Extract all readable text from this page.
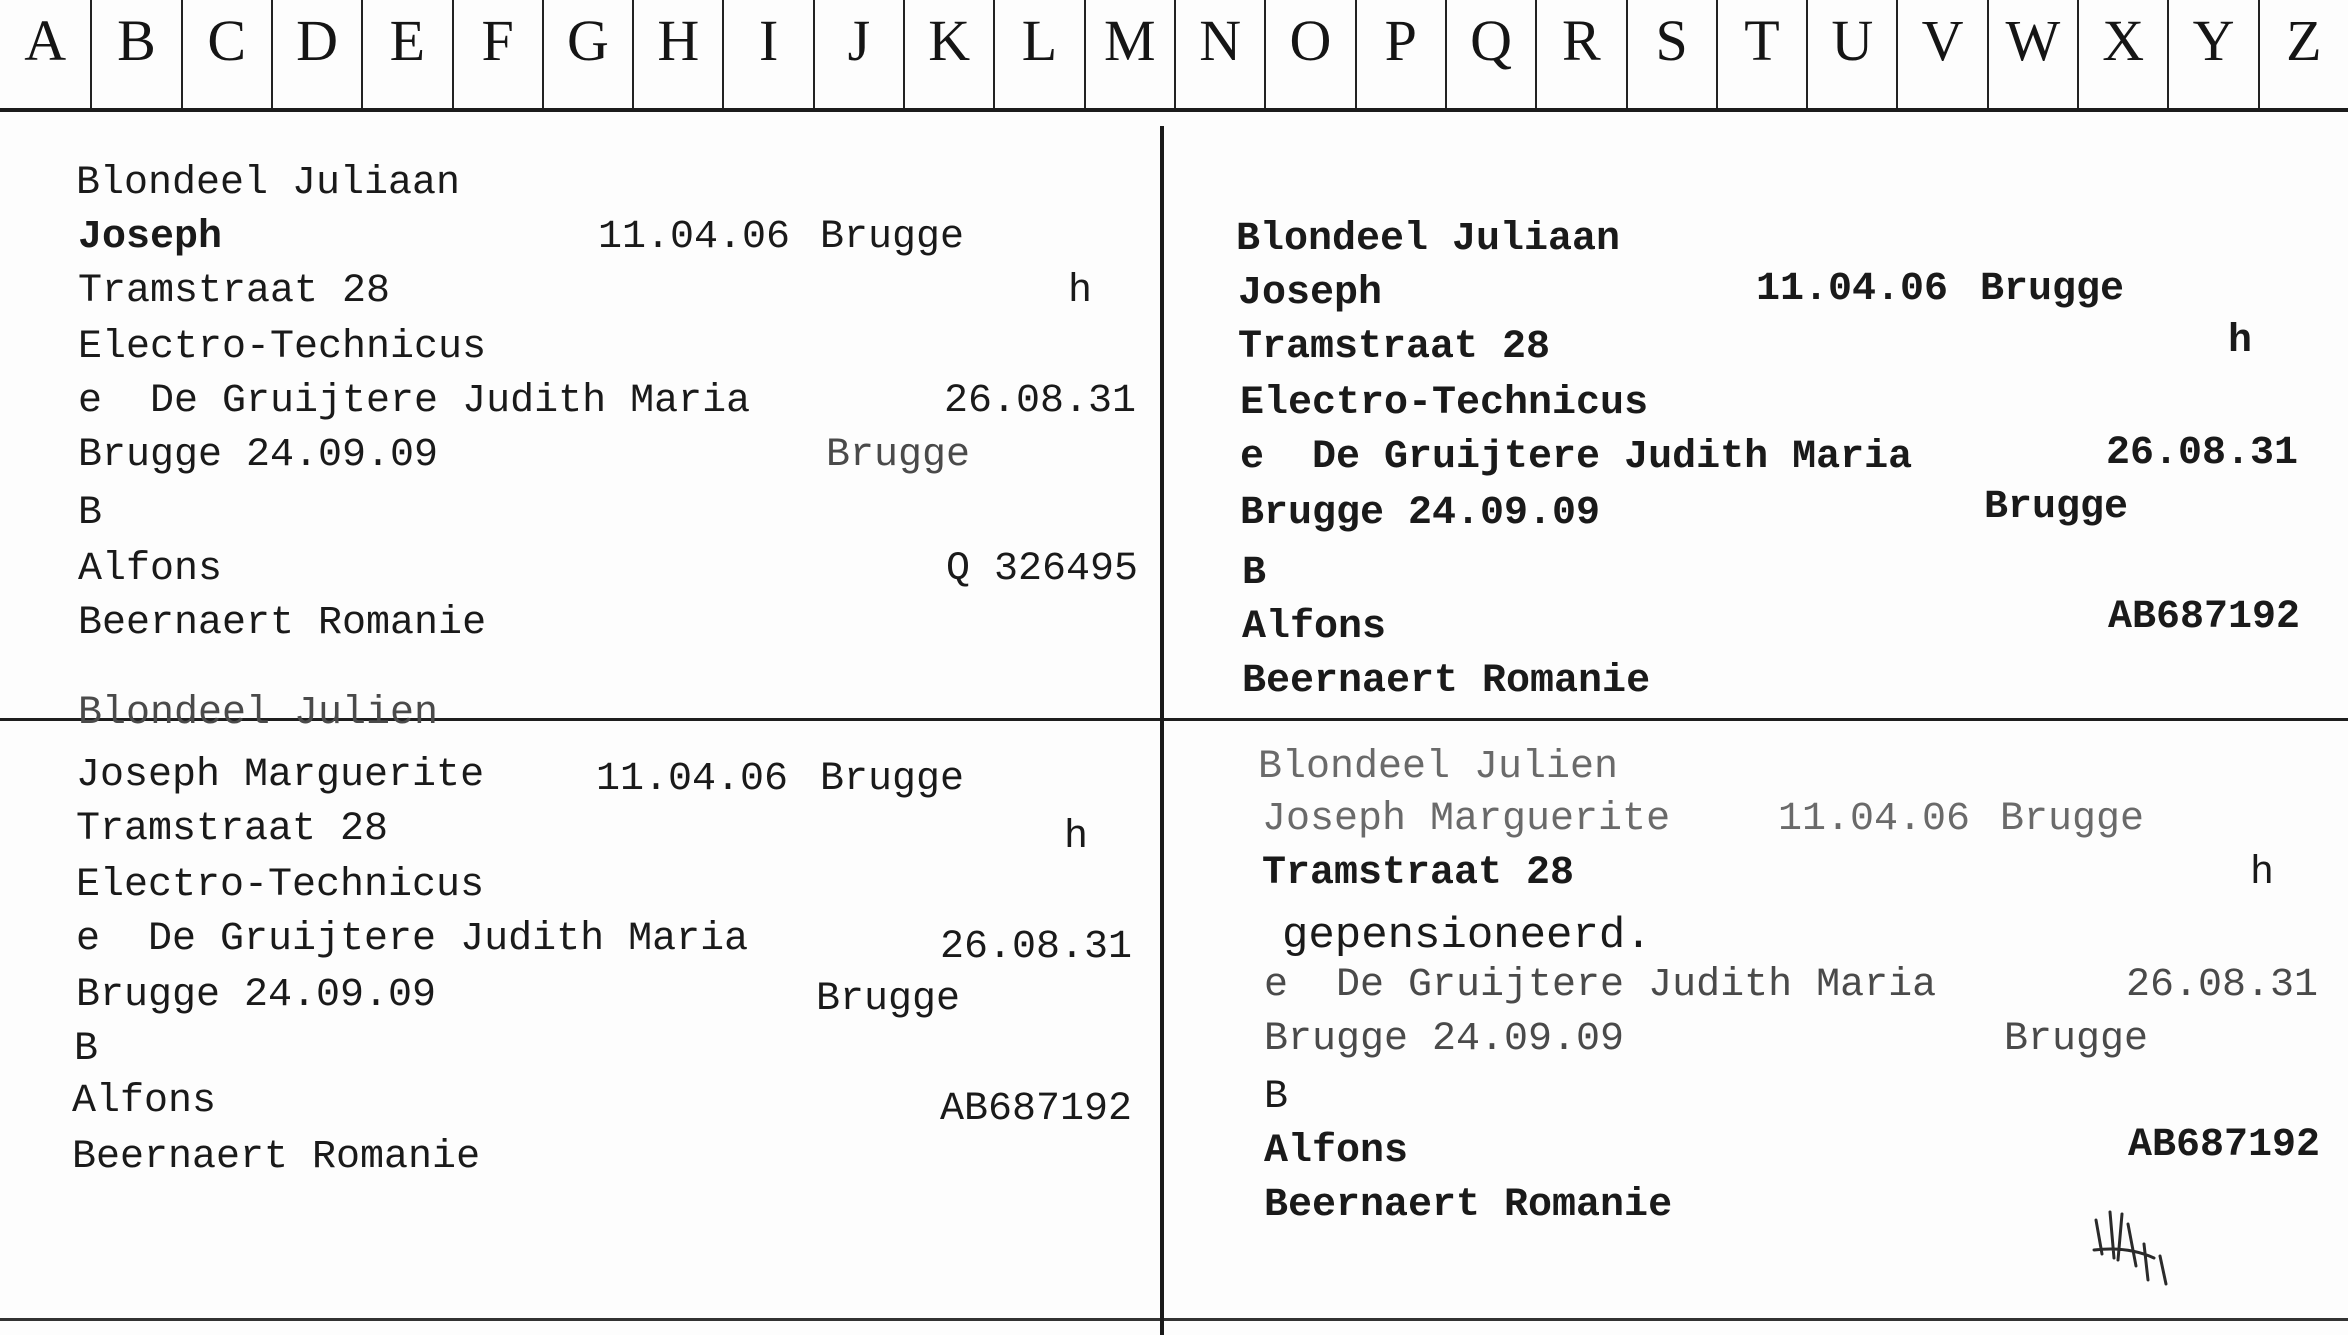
A B C D E F G H	I	J	K L M N O P Q R S T U V W X Y Z
Blondeel Juliaan
Joseph	11.04.06 Brugge
Tramstraat 28	h
Electro-Technicus
e  De Gruijtere Judith Maria	26.08.31
Brugge 24.09.09	Brugge
B
Alfons	Q 326495
Beernaert Romanie
Blondeel Juliaan
Joseph	11.04.06 Brugge
Tramstraat 28	h
Electro-Technicus
e  De Gruijtere Judith Maria	26.08.31
Brugge 24.09.09	Brugge
B
Alfons	AB687192
Beernaert Romanie
Blondeel Julien
Joseph Marguerite	11.04.06 Brugge
Tramstraat 28	h
Electro-Technicus
e  De Gruijtere Judith Maria	26.08.31
Brugge 24.09.09	Brugge
B
Alfons	AB687192
Beernaert Romanie
Blondeel Julien
Joseph Marguerite	11.04.06 Brugge
Tramstraat 28	h
gepensioneerd.
e  De Gruijtere Judith Maria	26.08.31
Brugge 24.09.09	Brugge
B
Alfons	AB687192
Beernaert Romanie
